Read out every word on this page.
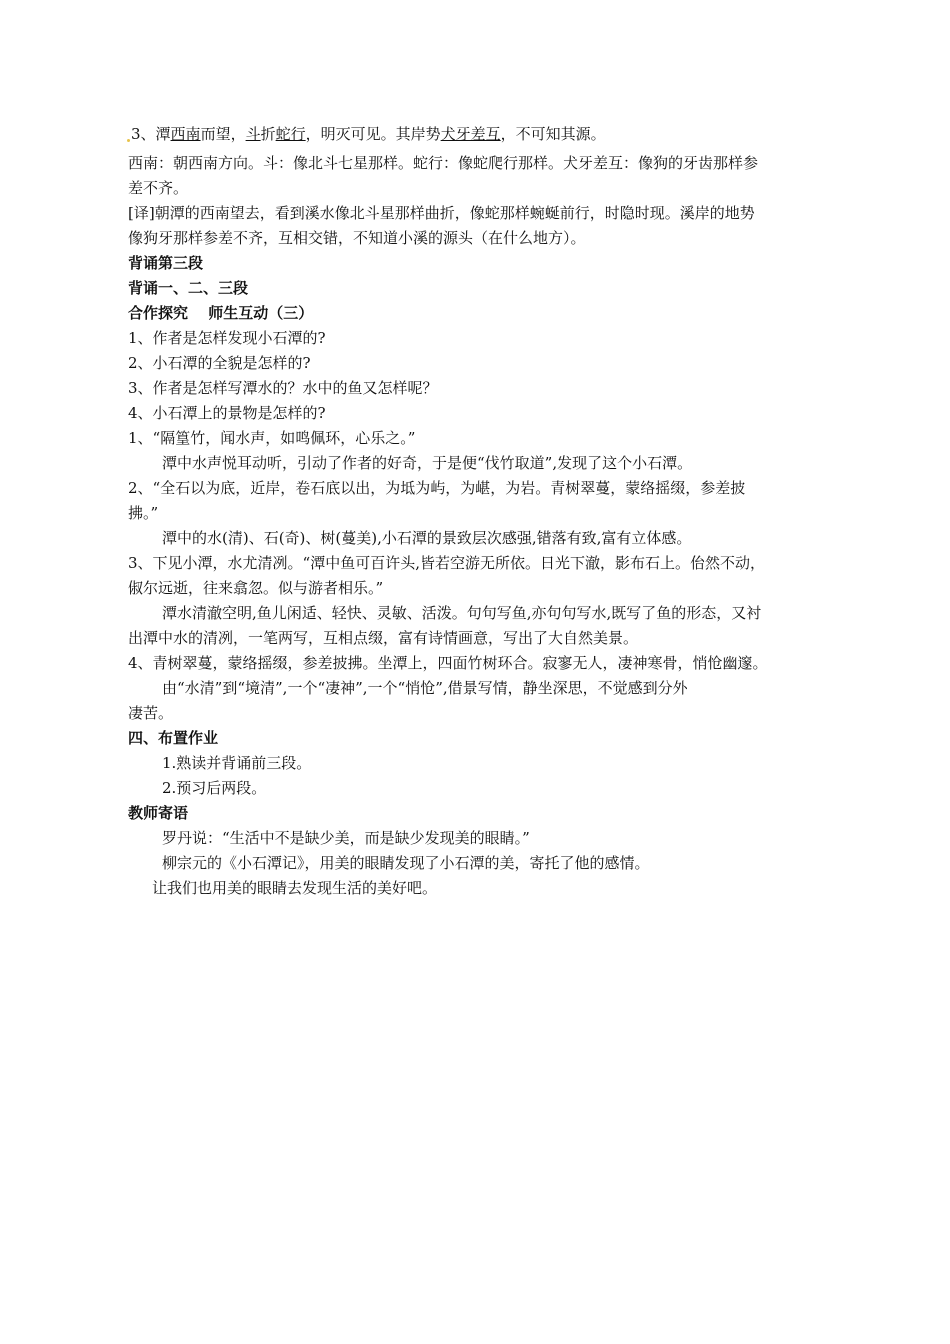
3、潭西南而望，斗折蛇行，明灭可见。其岸势犬牙差互，不可知其源。
西南：朝西南方向。斗：像北斗七星那样。蛇行：像蛇爬行那样。犬牙差互：像狗的牙齿那样参
差不齐。
[译]朝潭的西南望去，看到溪水像北斗星那样曲折，像蛇那样蜿蜒前行，时隐时现。溪岸的地势
像狗牙那样参差不齐，互相交错，不知道小溪的源头（在什么地方）。
背诵第三段
背诵一、二、三段
合作探究　 师生互动（三）
1、作者是怎样发现小石潭的?
2、小石潭的全貌是怎样的?
3、作者是怎样写潭水的？水中的鱼又怎样呢？
4、小石潭上的景物是怎样的?
1、“隔篁竹，闻水声，如鸣佩环，心乐之。”
潭中水声悦耳动听，引动了作者的好奇，于是便“伐竹取道”,发现了这个小石潭。
2、“全石以为底，近岸，卷石底以出，为坻为屿，为嵁，为岩。青树翠蔓，蒙络摇缀，参差披
拂。”
潭中的水(清)、石(奇)、树(蔓美),小石潭的景致层次感强,错落有致,富有立体感。
3、下见小潭，水尤清冽。“潭中鱼可百许头,皆若空游无所依。日光下澈，影布石上。佁然不动，
俶尔远逝，往来翕忽。似与游者相乐。”
潭水清澈空明,鱼儿闲适、轻快、灵敏、活泼。句句写鱼,亦句句写水,既写了鱼的形态，又衬
出潭中水的清冽，一笔两写，互相点缀，富有诗情画意，写出了大自然美景。
4、青树翠蔓，蒙络摇缀，参差披拂。坐潭上，四面竹树环合。寂寥无人，凄神寒骨，悄怆幽邃。
由“水清”到“境清”,一个“凄神”,一个“悄怆”,借景写情，静坐深思，不觉感到分外
凄苦。
四、布置作业
1.熟读并背诵前三段。
2.预习后两段。
教师寄语
罗丹说：“生活中不是缺少美，而是缺少发现美的眼睛。”
柳宗元的《小石潭记》，用美的眼睛发现了小石潭的美，寄托了他的感情。
让我们也用美的眼睛去发现生活的美好吧。
